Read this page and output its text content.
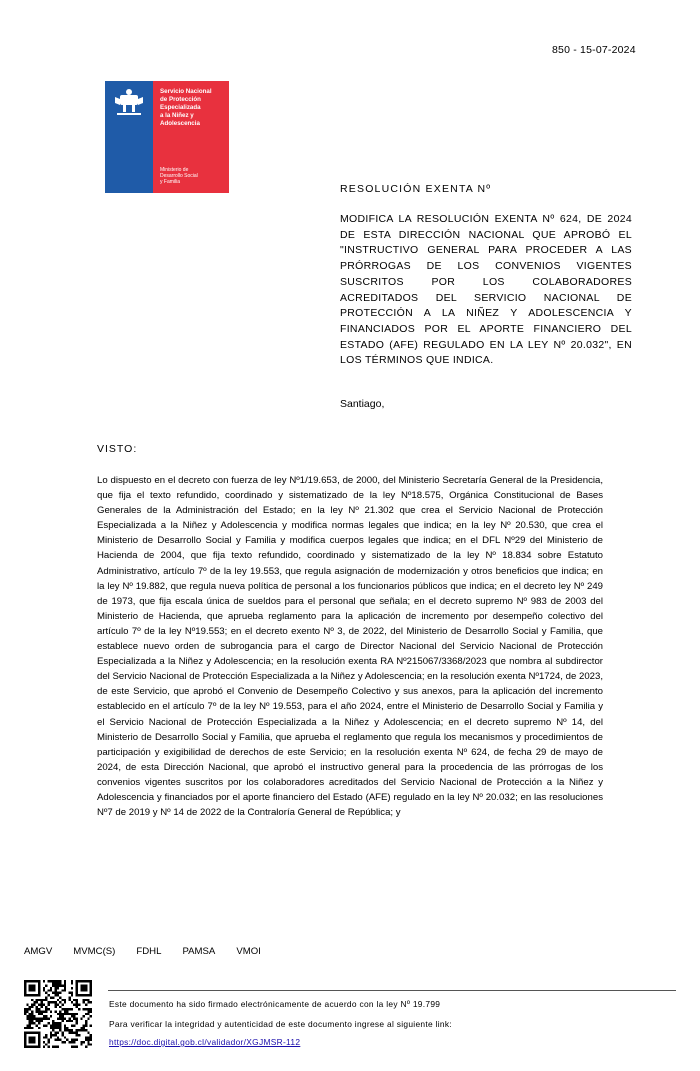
850 - 15-07-2024
Servicio Nacional
de Protección
Especializada
a la Niñez y
Adolescencia
Ministerio de
Desarrollo Social
y Familia
RESOLUCIÓN EXENTA Nº
MODIFICA LA RESOLUCIÓN EXENTA Nº 624, DE 2024 DE ESTA DIRECCIÓN NACIONAL QUE APROBÓ EL "INSTRUCTIVO GENERAL PARA PROCEDER A LAS PRÓRROGAS DE LOS CONVENIOS VIGENTES SUSCRITOS POR LOS COLABORADORES ACREDITADOS DEL SERVICIO NACIONAL DE PROTECCIÓN A LA NIÑEZ Y ADOLESCENCIA Y FINANCIADOS POR EL APORTE FINANCIERO DEL ESTADO (AFE) REGULADO EN LA LEY Nº 20.032", EN LOS TÉRMINOS QUE INDICA.
Santiago,
VISTO:
Lo dispuesto en el decreto con fuerza de ley Nº1/19.653, de 2000, del Ministerio Secretaría General de la Presidencia, que fija el texto refundido, coordinado y sistematizado de la ley Nº18.575, Orgánica Constitucional de Bases Generales de la Administración del Estado; en la ley Nº 21.302 que crea el Servicio Nacional de Protección Especializada a la Niñez y Adolescencia y modifica normas legales que indica; en la ley Nº 20.530, que crea el Ministerio de Desarrollo Social y Familia y modifica cuerpos legales que indica; en el DFL Nº29 del Ministerio de Hacienda de 2004, que fija texto refundido, coordinado y sistematizado de la ley Nº 18.834 sobre Estatuto Administrativo, artículo 7º de la ley 19.553, que regula asignación de modernización y otros beneficios que indica; en la ley Nº 19.882, que regula nueva política de personal a los funcionarios públicos que indica; en el decreto ley Nº 249 de 1973, que fija escala única de sueldos para el personal que señala; en el decreto supremo Nº 983 de 2003 del Ministerio de Hacienda, que aprueba reglamento para la aplicación de incremento por desempeño colectivo del artículo 7º de la ley Nº19.553; en el decreto exento Nº 3, de 2022, del Ministerio de Desarrollo Social y Familia, que establece nuevo orden de subrogancia para el cargo de Director Nacional del Servicio Nacional de Protección Especializada a la Niñez y Adolescencia; en la resolución exenta RA Nº215067/3368/2023 que nombra al subdirector del Servicio Nacional de Protección Especializada a la Niñez y Adolescencia; en la resolución exenta Nº1724, de 2023, de este Servicio, que aprobó el Convenio de Desempeño Colectivo y sus anexos, para la aplicación del incremento establecido en el artículo 7º de la ley Nº 19.553, para el año 2024, entre el Ministerio de Desarrollo Social y Familia y el Servicio Nacional de Protección Especializada a la Niñez y Adolescencia; en el decreto supremo Nº 14, del Ministerio de Desarrollo Social y Familia, que aprueba el reglamento que regula los mecanismos y procedimientos de participación y exigibilidad de derechos de este Servicio; en la resolución exenta Nº 624, de fecha 29 de mayo de 2024, de esta Dirección Nacional, que aprobó el instructivo general para la procedencia de las prórrogas de los convenios vigentes suscritos por los colaboradores acreditados del Servicio Nacional de Protección a la Niñez y Adolescencia y financiados por el aporte financiero del Estado (AFE) regulado en la ley Nº 20.032; en las resoluciones Nº7 de 2019 y Nº 14 de 2022 de la Contraloría General de República; y
AMGV MVMC(S) FDHL PAMSA VMOI
Este documento ha sido firmado electrónicamente de acuerdo con la ley Nº 19.799
Para verificar la integridad y autenticidad de este documento ingrese al siguiente link:
https://doc.digital.gob.cl/validador/XGJMSR-112
